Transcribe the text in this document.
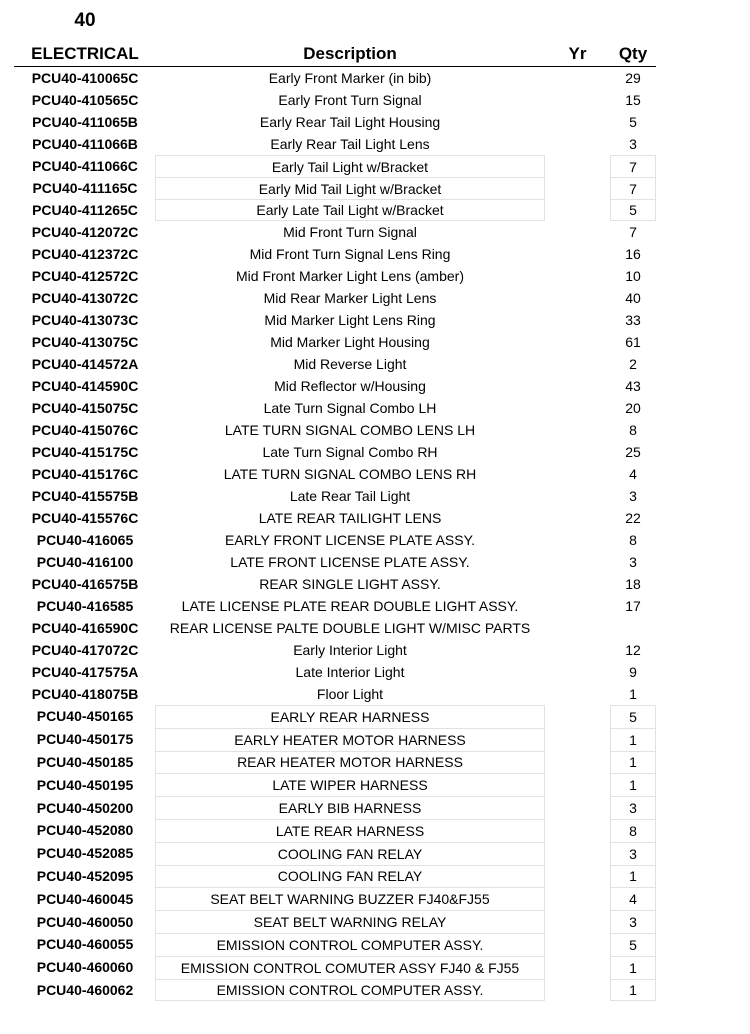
40
ELECTRICAL	Description	Yr	Qty
PCU40-410065C	Early Front Marker (in bib)	29
PCU40-410565C	Early Front Turn Signal	15
PCU40-411065B	Early Rear Tail Light Housing	5
PCU40-411066B	Early Rear Tail Light Lens	3
PCU40-411066C	Early Tail Light w/Bracket	7
PCU40-411165C	Early Mid Tail Light w/Bracket	7
PCU40-411265C	Early Late Tail Light w/Bracket	5
PCU40-412072C	Mid Front Turn Signal	7
PCU40-412372C	Mid Front Turn Signal Lens Ring	16
PCU40-412572C	Mid Front Marker Light Lens (amber)	10
PCU40-413072C	Mid Rear Marker Light Lens	40
PCU40-413073C	Mid Marker Light Lens Ring	33
PCU40-413075C	Mid Marker Light Housing	61
PCU40-414572A	Mid Reverse Light	2
PCU40-414590C	Mid Reflector w/Housing	43
PCU40-415075C	Late Turn Signal Combo LH	20
PCU40-415076C	LATE TURN SIGNAL COMBO LENS LH	8
PCU40-415175C	Late Turn Signal Combo RH	25
PCU40-415176C	LATE TURN SIGNAL COMBO LENS RH	4
PCU40-415575B	Late Rear Tail Light	3
PCU40-415576C	LATE REAR TAILIGHT LENS	22
PCU40-416065	EARLY FRONT LICENSE PLATE ASSY.	8
PCU40-416100	LATE FRONT LICENSE PLATE ASSY.	3
PCU40-416575B	REAR SINGLE LIGHT ASSY.	18
PCU40-416585	LATE LICENSE PLATE REAR DOUBLE LIGHT ASSY.	17
PCU40-416590C	REAR LICENSE PALTE DOUBLE LIGHT W/MISC PARTS
PCU40-417072C	Early Interior Light	12
PCU40-417575A	Late Interior Light	9
PCU40-418075B	Floor Light	1
PCU40-450165	EARLY REAR HARNESS	5
PCU40-450175	EARLY HEATER MOTOR HARNESS	1
PCU40-450185	REAR HEATER MOTOR HARNESS	1
PCU40-450195	LATE WIPER HARNESS	1
PCU40-450200	EARLY BIB HARNESS	3
PCU40-452080	LATE REAR HARNESS	8
PCU40-452085	COOLING FAN RELAY	3
PCU40-452095	COOLING FAN RELAY	1
PCU40-460045	SEAT BELT WARNING BUZZER FJ40&FJ55	4
PCU40-460050	SEAT BELT WARNING RELAY	3
PCU40-460055	EMISSION CONTROL COMPUTER ASSY.	5
PCU40-460060	EMISSION CONTROL COMUTER ASSY FJ40 & FJ55	1
PCU40-460062	EMISSION CONTROL COMPUTER ASSY.	1
